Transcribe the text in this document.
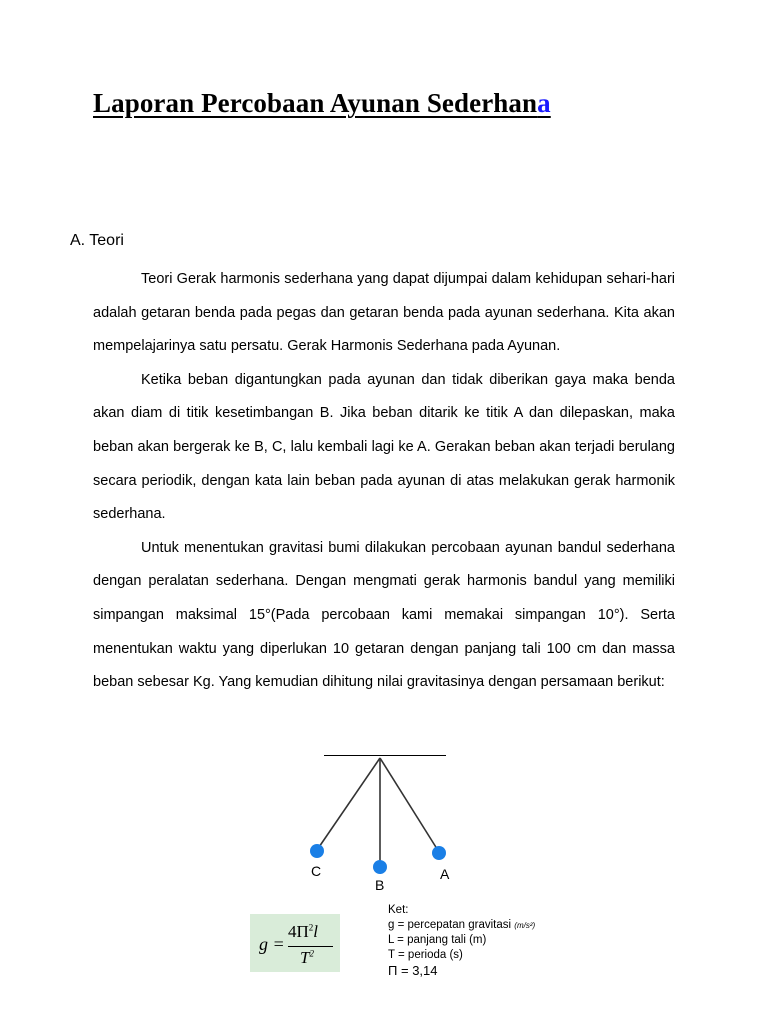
Laporan Percobaan Ayunan Sederhana
A. Teori

Teori Gerak harmonis sederhana yang dapat dijumpai dalam kehidupan sehari-hari adalah getaran benda pada pegas dan getaran benda pada ayunan sederhana. Kita akan mempelajarinya satu persatu. Gerak Harmonis Sederhana pada Ayunan.

Ketika beban digantungkan pada ayunan dan tidak diberikan gaya maka benda akan diam di titik kesetimbangan B. Jika beban ditarik ke titik A dan dilepaskan, maka beban akan bergerak ke B, C, lalu kembali lagi ke A. Gerakan beban akan terjadi berulang secara periodik, dengan kata lain beban pada ayunan di atas melakukan gerak harmonik sederhana.

Untuk menentukan gravitasi bumi dilakukan percobaan ayunan bandul sederhana dengan peralatan sederhana. Dengan mengmati gerak harmonis bandul yang memiliki simpangan maksimal 15°(Pada percobaan kami memakai simpangan 10°). Serta menentukan waktu yang diperlukan 10 getaran dengan panjang tali 100 cm dan massa beban sebesar Kg. Yang kemudian dihitung nilai gravitasinya dengan persamaan berikut:

C
B
A
g =
$4\Pi^2l$
$T^2$
Ket:
g = percepatan gravitasi (m/s²)
L = panjang tali (m)
T = perioda (s)
Π = 3,14
